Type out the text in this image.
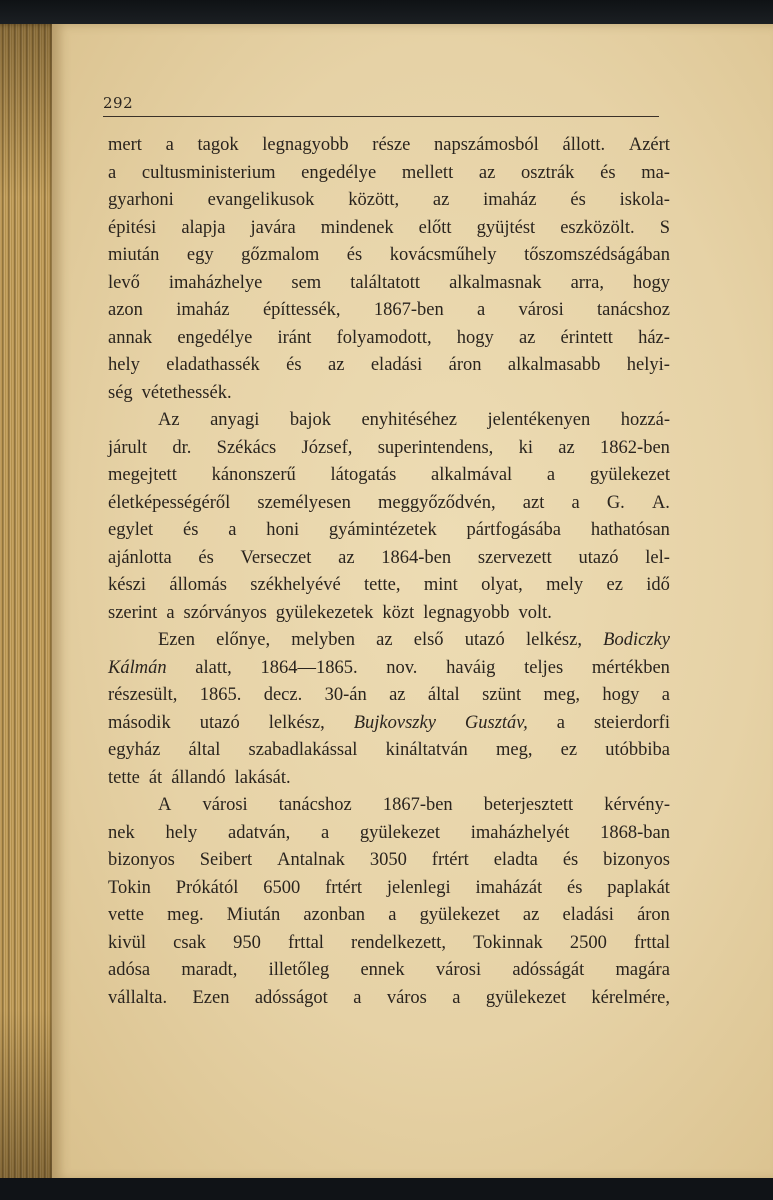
292
mert a tagok legnagyobb része napszámosból állott. Azért
a cultusministerium engedélye mellett az osztrák és ma-
gyarhoni evangelikusok között, az imaház és iskola-
épitési alapja javára mindenek előtt gyüjtést eszközölt. S
miután egy gőzmalom és kovácsműhely tőszomszédságában
levő imaházhelye sem találtatott alkalmasnak arra, hogy
azon imaház építtessék, 1867-ben a városi tanácshoz
annak engedélye iránt folyamodott, hogy az érintett ház-
hely eladathassék és az eladási áron alkalmasabb helyi-
ség vétethessék.
Az anyagi bajok enyhitéséhez jelentékenyen hozzá-
járult dr. Székács József, superintendens, ki az 1862-ben
megejtett kánonszerű látogatás alkalmával a gyülekezet
életképességéről személyesen meggyőződvén, azt a G. A.
egylet és a honi gyámintézetek pártfogásába hathatósan
ajánlotta és Verseczet az 1864-ben szervezett utazó lel-
készi állomás székhelyévé tette, mint olyat, mely ez idő
szerint a szórványos gyülekezetek közt legnagyobb volt.
Ezen előnye, melyben az első utazó lelkész, Bodiczky
Kálmán alatt, 1864—1865. nov. haváig teljes mértékben
részesült, 1865. decz. 30-án az által szünt meg, hogy a
második utazó lelkész, Bujkovszky Gusztáv, a steierdorfi
egyház által szabadlakással kináltatván meg, ez utóbbiba
tette át állandó lakását.
A városi tanácshoz 1867-ben beterjesztett kérvény-
nek hely adatván, a gyülekezet imaházhelyét 1868-ban
bizonyos Seibert Antalnak 3050 frtért eladta és bizonyos
Tokin Prókától 6500 frtért jelenlegi imaházát és paplakát
vette meg. Miután azonban a gyülekezet az eladási áron
kivül csak 950 frttal rendelkezett, Tokinnak 2500 frttal
adósa maradt, illetőleg ennek városi adósságát magára
vállalta. Ezen adósságot a város a gyülekezet kérelmére,
